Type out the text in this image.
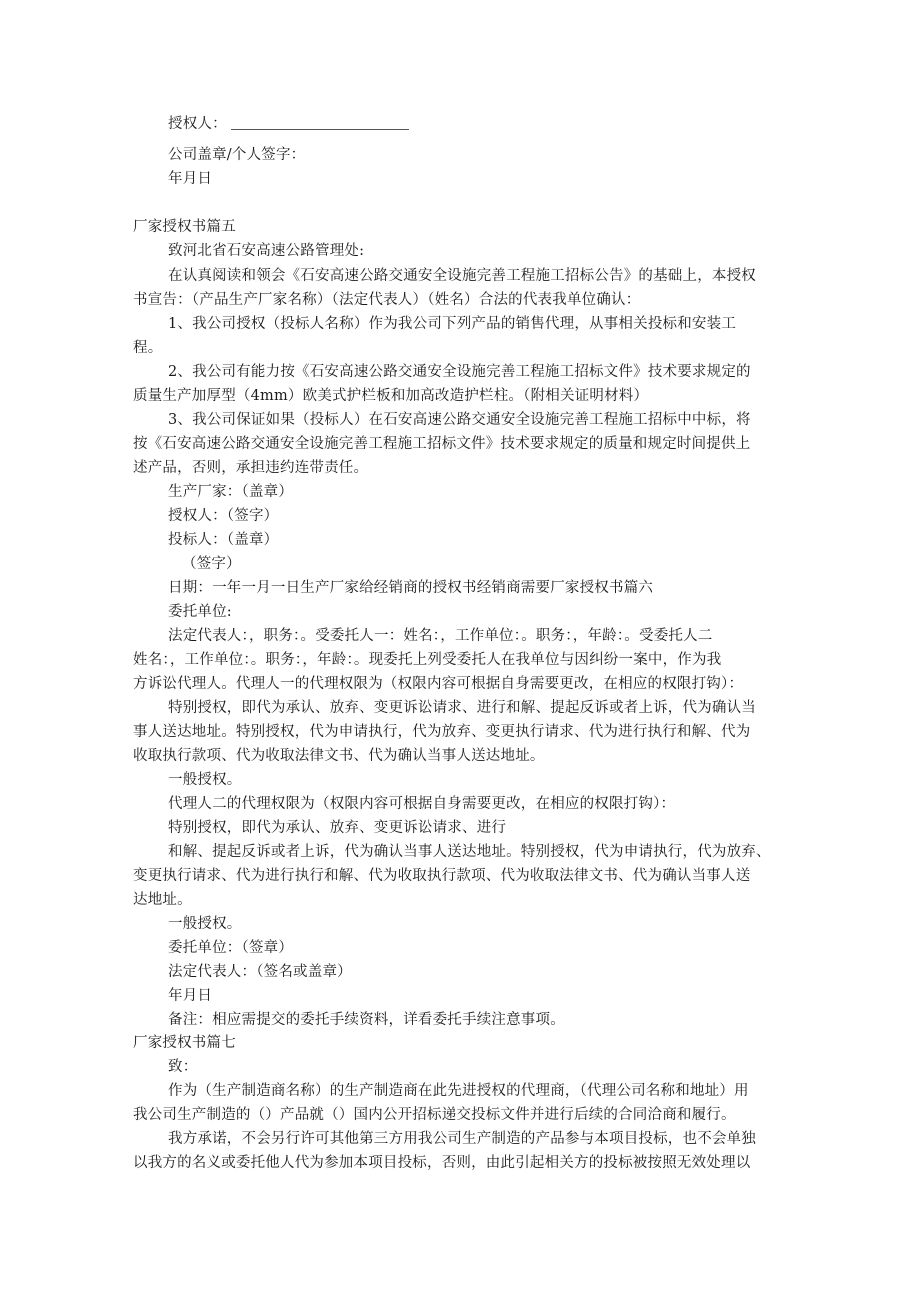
授权人：
公司盖章/个人签字：
年月日
厂家授权书篇五
致河北省石安高速公路管理处:
在认真阅读和领会《石安高速公路交通安全设施完善工程施工招标公告》的基础上，本授权
书宣告：（产品生产厂家名称）（法定代表人）（姓名）合法的代表我单位确认：
1、我公司授权（投标人名称）作为我公司下列产品的销售代理，从事相关投标和安装工
程。
2、我公司有能力按《石安高速公路交通安全设施完善工程施工招标文件》技术要求规定的
质量生产加厚型（4mm）欧美式护栏板和加高改造护栏柱。（附相关证明材料）
3、我公司保证如果（投标人）在石安高速公路交通安全设施完善工程施工招标中中标，将
按《石安高速公路交通安全设施完善工程施工招标文件》技术要求规定的质量和规定时间提供上
述产品，否则，承担违约连带责任。
生产厂家：（盖章）
授权人：（签字）
投标人：（盖章）
（签字）
日期：一年一月一日生产厂家给经销商的授权书经销商需要厂家授权书篇六
委托单位:
法定代表人：，职务：。受委托人一：姓名：，工作单位：。职务：，年龄：。受委托人二
姓名：，工作单位：。职务：，年龄：。现委托上列受委托人在我单位与因纠纷一案中，作为我
方诉讼代理人。代理人一的代理权限为（权限内容可根据自身需要更改，在相应的权限打钩）：
特别授权，即代为承认、放弃、变更诉讼请求、进行和解、提起反诉或者上诉，代为确认当
事人送达地址。特别授权，代为申请执行，代为放弃、变更执行请求、代为进行执行和解、代为
收取执行款项、代为收取法律文书、代为确认当事人送达地址。
一般授权。
代理人二的代理权限为（权限内容可根据自身需要更改，在相应的权限打钩）：
特别授权，即代为承认、放弃、变更诉讼请求、进行
和解、提起反诉或者上诉，代为确认当事人送达地址。特别授权，代为申请执行，代为放弃、
变更执行请求、代为进行执行和解、代为收取执行款项、代为收取法律文书、代为确认当事人送
达地址。
一般授权。
委托单位：（签章）
法定代表人：（签名或盖章）
年月日
备注：相应需提交的委托手续资料，详看委托手续注意事项。
厂家授权书篇七
致：
作为（生产制造商名称）的生产制造商在此先进授权的代理商，（代理公司名称和地址）用
我公司生产制造的（）产品就（）国内公开招标递交投标文件并进行后续的合同洽商和履行。
我方承诺，不会另行许可其他第三方用我公司生产制造的产品参与本项目投标，也不会单独
以我方的名义或委托他人代为参加本项目投标，否则，由此引起相关方的投标被按照无效处理以
